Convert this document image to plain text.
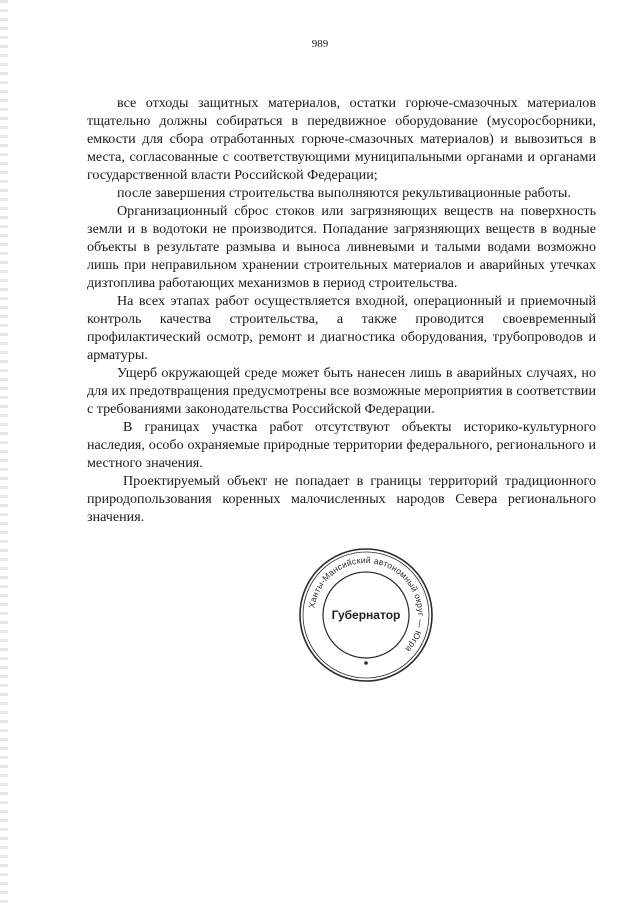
989

все отходы защитных материалов, остатки горюче-смазочных материалов тщательно должны собираться в передвижное оборудование (мусоросборники, емкости для сбора отработанных горюче-смазочных материалов) и вывозиться в места, согласованные с соответствующими муниципальными органами и органами государственной власти Российской Федерации;

после завершения строительства выполняются рекультивационные работы.

Организационный сброс стоков или загрязняющих веществ на поверхность земли и в водотоки не производится. Попадание загрязняющих веществ в водные объекты в результате размыва и выноса ливневыми и талыми водами возможно лишь при неправильном хранении строительных материалов и аварийных утечках дизтоплива работающих механизмов в период строительства.

На всех этапах работ осуществляется входной, операционный и приемочный контроль качества строительства, а также проводится своевременный профилактический осмотр, ремонт и диагностика оборудования, трубопроводов и арматуры.

Ущерб окружающей среде может быть нанесен лишь в аварийных случаях, но для их предотвращения предусмотрены все возможные мероприятия в соответствии с требованиями законодательства Российской Федерации.

В границах участка работ отсутствуют объекты историко-культурного наследия, особо охраняемые природные территории федерального, регионального и местного значения.

Проектируемый объект не попадает в границы территорий традиционного природопользования коренных малочисленных народов Севера регионального значения.

Ханты-Мансийский автономный округ — Югра
Губернатор
